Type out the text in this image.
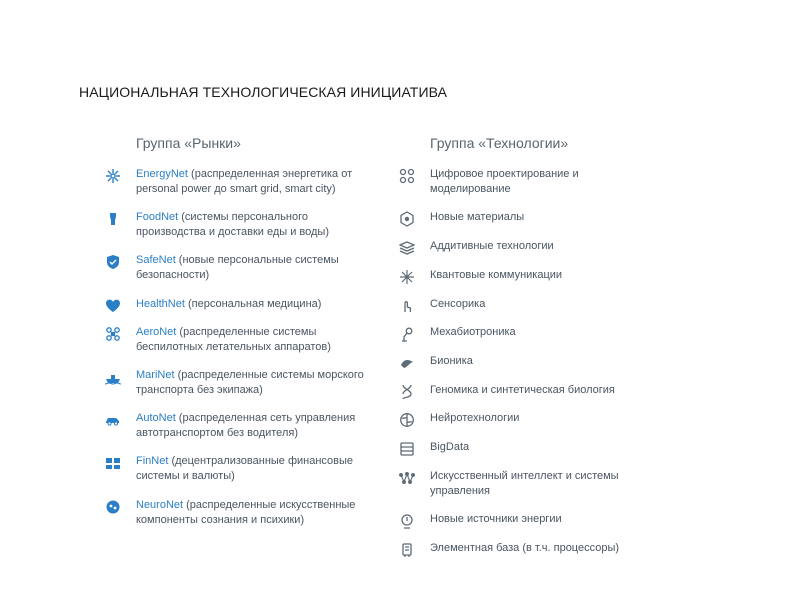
НАЦИОНАЛЬНАЯ ТЕХНОЛОГИЧЕСКАЯ ИНИЦИАТИВА
Группа «Рынки»
EnergyNet (распределенная энергетика от
personal power до smart grid, smart city)
FoodNet (системы персонального
производства и доставки еды и воды)
SafeNet (новые персональные системы
безопасности)
HealthNet (персональная медицина)
AeroNet (распределенные системы
беспилотных летательных аппаратов)
MariNet (распределенные системы морского
транспорта без экипажа)
AutoNet (распределенная сеть управления
автотранспортом без водителя)
FinNet (децентрализованные финансовые
системы и валюты)
NeuroNet (распределенные искусственные
компоненты сознания и психики)
Группа «Технологии»
Цифровое проектирование и
моделирование
Новые материалы
Аддитивные технологии
Квантовые коммуникации
Сенсорика
Мехабиотроника
Бионика
Геномика и синтетическая биология
Нейротехнологии
BigData
Искусственный интеллект и системы
управления
Новые источники энергии
Элементная база (в т.ч. процессоры)
